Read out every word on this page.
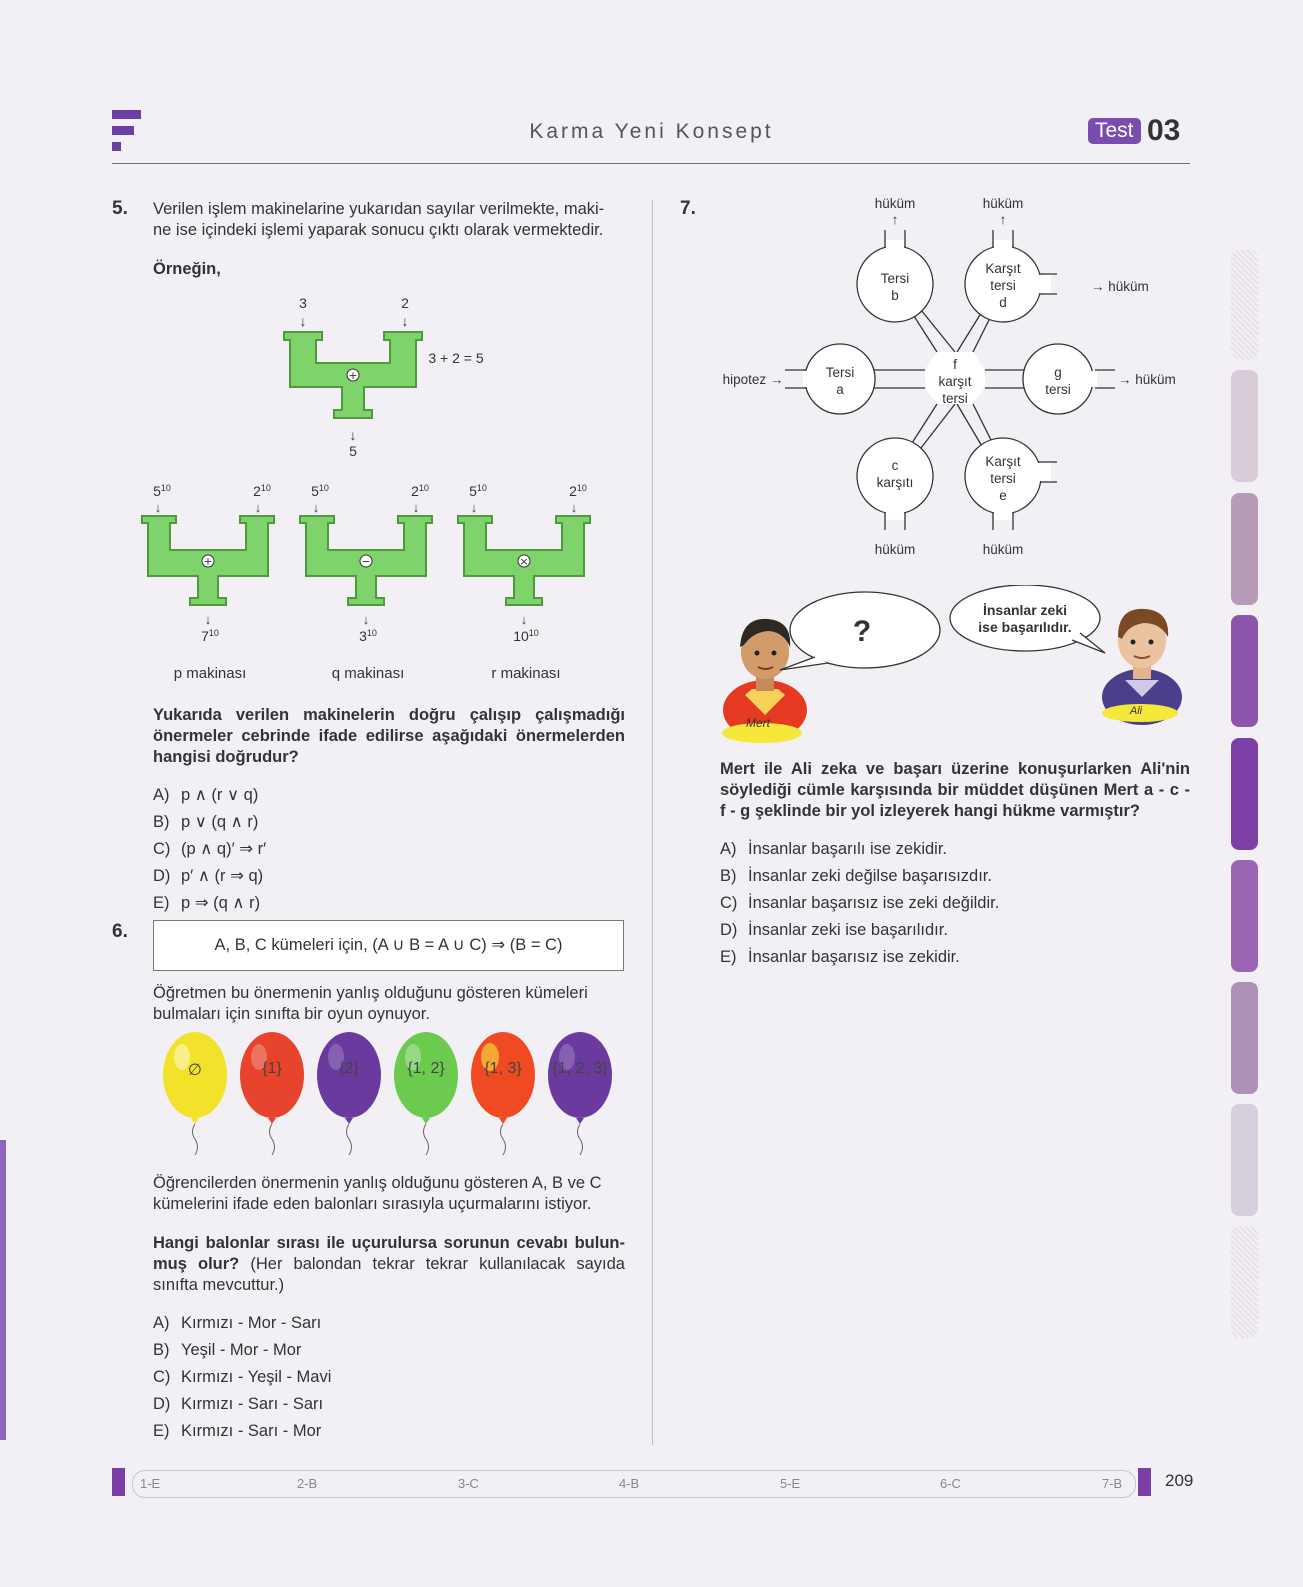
Karma Yeni Konsept	Test 03
5. Verilen işlem makinelarine yukarıdan sayılar verilmekte, maki-
ne ise içindeki işlemi yaparak sonucu çıktı olarak vermektedir.
Örneğin,
3	2
↓	↓
+
3 + 2 = 5
↓
5
$5^{10}$	$2^{10}$
↓	↓
+
↓
$7^{10}$
$5^{10}$	$2^{10}$
↓	↓
−
↓
$3^{10}$
$5^{10}$	$2^{10}$
↓	↓
×
↓
$10^{10}$
p makinası	q makinası	r makinası
Yukarıda verilen makinelerin doğru çalışıp çalışmadığı
önermeler cebrinde ifade edilirse aşağıdaki önermelerden
hangisi doğrudur?
A) p ∧ (r ∨ q)
B) p ∨ (q ∧ r)
C) (p ∧ q)′ ⇒ r′
D) p′ ∧ (r ⇒ q)
E) p ⇒ (q ∧ r)
6.
A, B, C kümeleri için, (A ∪ B = A ∪ C) ⇒ (B = C)
Öğretmen bu önermenin yanlış olduğunu gösteren kümeleri
bulmaları için sınıfta bir oyun oynuyor.
∅	{1}	{2}	{1, 2}	{1, 3}	{1, 2, 3}
Öğrencilerden önermenin yanlış olduğunu gösteren A, B ve C
kümelerini ifade eden balonları sırasıyla uçurmalarını istiyor.
Hangi balonlar sırası ile uçurulursa sorunun cevabı bulun-
muş olur? (Her balondan tekrar tekrar kullanılacak sayıda
sınıfta mevcuttur.)
A) Kırmızı - Mor - Sarı
B) Yeşil - Mor - Mor
C) Kırmızı - Yeşil - Mavi
D) Kırmızı - Sarı - Sarı
E) Kırmızı - Sarı - Mor
7.	hüküm	hüküm
↑	↑
Tersi
b
Karşıt
tersi
d
→ hüküm
hipotez →	Tersi
a
f
karşıt
tersi
g
tersi
→ hüküm
c
karşıtı
Karşıt
tersi
e
hüküm	hüküm
Mert
?
İnsanlar zeki
ise başarılıdır.
Ali
Mert ile Ali zeka ve başarı üzerine konuşurlarken Ali'nin
söylediği cümle karşısında bir müddet düşünen Mert a - c -
f - g şeklinde bir yol izleyerek hangi hükme varmıştır?
A) İnsanlar başarılı ise zekidir.
B) İnsanlar zeki değilse başarısızdır.
C) İnsanlar başarısız ise zeki değildir.
D) İnsanlar zeki ise başarılıdır.
E) İnsanlar başarısız ise zekidir.
1-E	2-B	3-C	4-B	5-E	6-C	7-B	209
